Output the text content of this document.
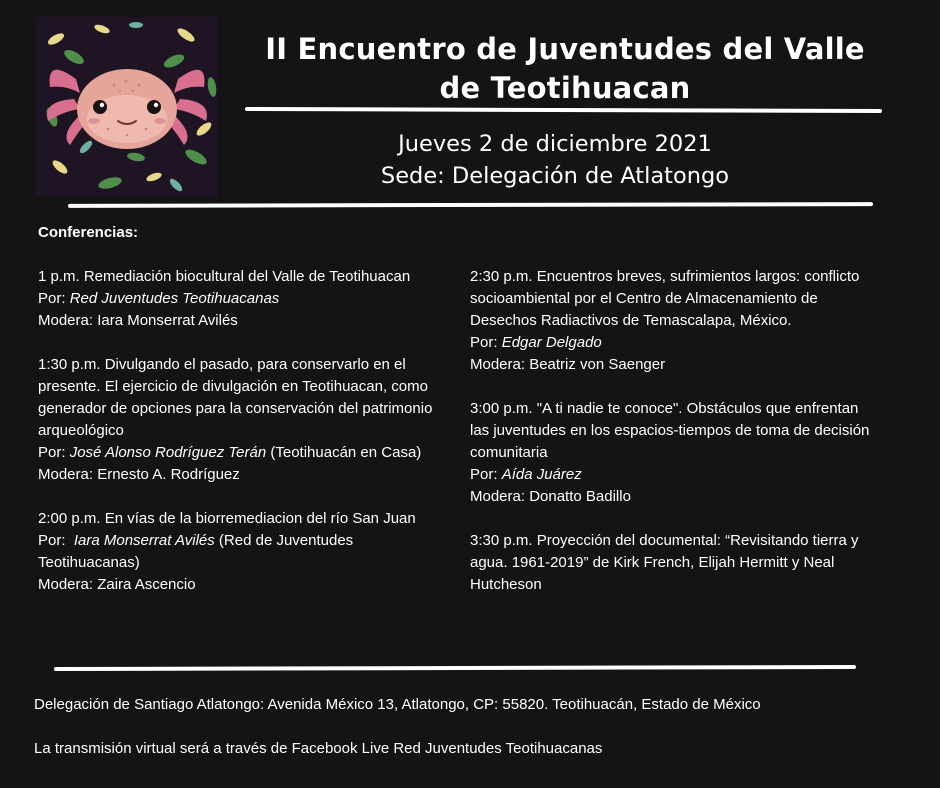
II Encuentro de Juventudes del Valle de Teotihuacan
Jueves 2 de diciembre 2021
Sede: Delegación de Atlatongo
Conferencias:
1 p.m. Remediación biocultural del Valle de Teotihuacan
Por: Red Juventudes Teotihuacanas
Modera: Iara Monserrat Avilés
1:30 p.m. Divulgando el pasado, para conservarlo en el presente. El ejercicio de divulgación en Teotihuacan, como generador de opciones para la conservación del patrimonio arqueológico
Por: José Alonso Rodríguez Terán (Teotihuacán en Casa)
Modera: Ernesto A. Rodríguez
2:00 p.m. En vías de la biorremediacion del río San Juan
Por:  Iara Monserrat Avilés (Red de Juventudes Teotihuacanas)
Modera: Zaira Ascencio
2:30 p.m. Encuentros breves, sufrimientos largos: conflicto socioambiental por el Centro de Almacenamiento de Desechos Radiactivos de Temascalapa, México.
Por: Edgar Delgado
Modera: Beatriz von Saenger
3:00 p.m. "A ti nadie te conoce". Obstáculos que enfrentan las juventudes en los espacios-tiempos de toma de decisión comunitaria
Por: Aída Juárez
Modera: Donatto Badillo
3:30 p.m. Proyección del documental: “Revisitando tierra y agua. 1961-2019” de Kirk French, Elijah Hermitt y Neal Hutcheson
Delegación de Santiago Atlatongo: Avenida México 13, Atlatongo, CP: 55820. Teotihuacán, Estado de México
La transmisión virtual será a través de Facebook Live Red Juventudes Teotihuacanas
